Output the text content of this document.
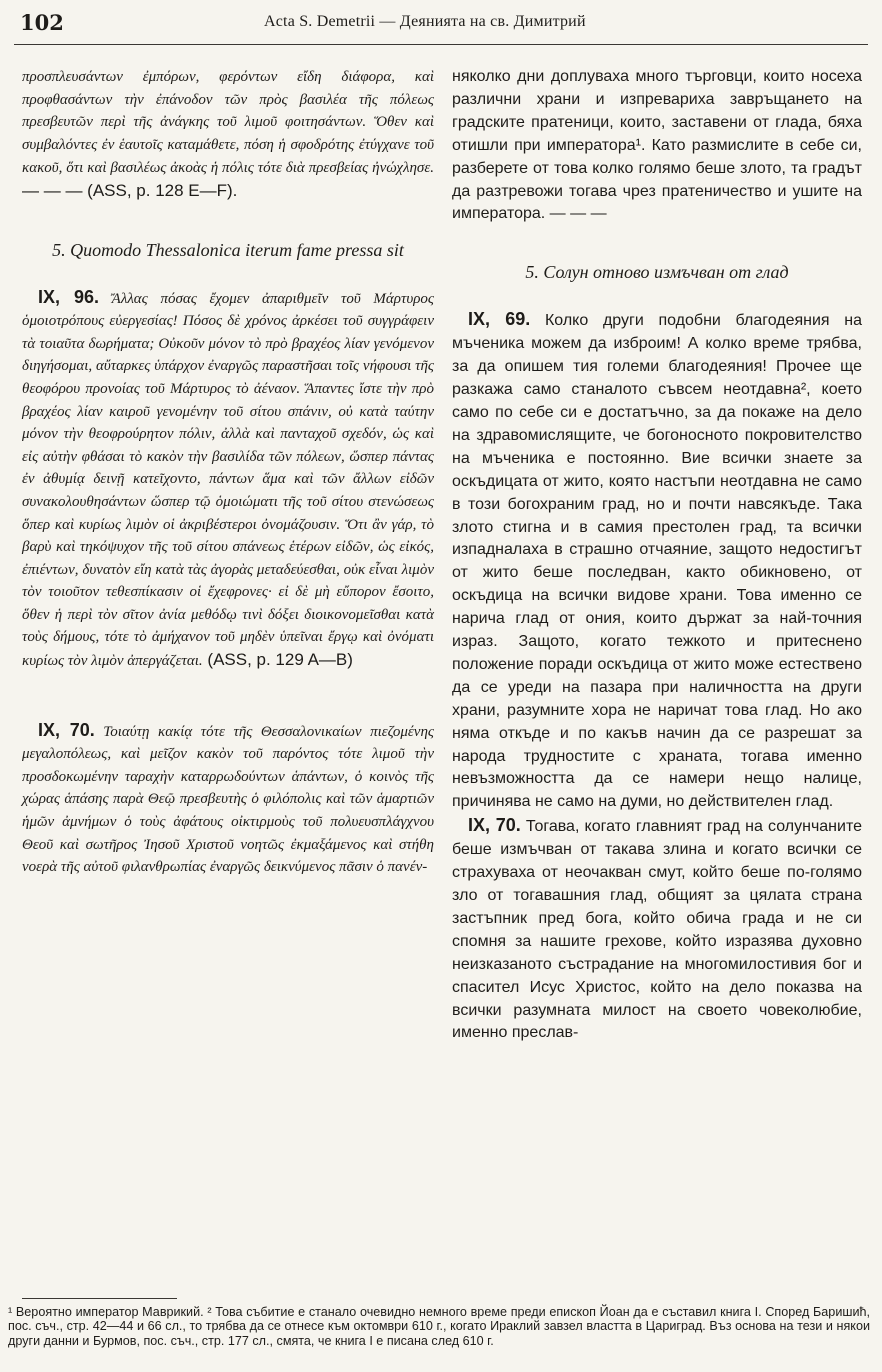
102	Acta S. Demetrii — Деянията на св. Димитрий

προσπλευσάντων ἐμπόρων, φερόντων εἴδη διάφορα, καὶ προφθασάντων τὴν ἐπάνοδον τῶν πρὸς βασιλέα τῆς πόλεως πρεσβευτῶν περὶ τῆς ἀνάγκης τοῦ λιμοῦ φοιτησάντων. Ὅθεν καὶ συμβαλόντες ἐν ἑαυτοῖς καταμάθετε, πόση ἡ σφοδρότης ἐτύγχανε τοῦ κακοῦ, ὅτι καὶ βασιλέως ἀκοὰς ἡ πόλις τότε διὰ πρεσβείας ἠνώχλησε. — — — (ASS, p. 128 E—F).

5. Quomodo Thessalonica iterum fame pressa sit

IX, 96. Ἄλλας πόσας ἔχομεν ἀπαριθμεῖν τοῦ Μάρτυρος ὁμοιοτρόπους εὐεργεσίας! Πόσος δὲ χρόνος ἀρκέσει τοῦ συγγράφειν τὰ τοιαῦτα δωρήματα; Οὐκοῦν μόνον τὸ πρὸ βραχέος λίαν γενόμενον διηγήσομαι, αὔταρκες ὑπάρχον ἐναργῶς παραστῆσαι τοῖς νήφουσι τῆς θεοφόρου προνοίας τοῦ Μάρτυρος τὸ ἀέναον. Ἅπαντες ἴστε τὴν πρὸ βραχέος λίαν καιροῦ γενομένην τοῦ σίτου σπάνιν, οὐ κατὰ ταύτην μόνον τὴν θεοφρούρητον πόλιν, ἀλλὰ καὶ πανταχοῦ σχεδόν, ὡς καὶ εἰς αὐτὴν φθάσαι τὸ κακὸν τὴν βασιλίδα τῶν πόλεων, ὥσπερ πάντας ἐν ἀθυμίᾳ δεινῇ κατεῖχοντο, πάντων ἅμα καὶ τῶν ἄλλων εἰδῶν συνακολουθησάντων ὥσπερ τῷ ὁμοιώματι τῆς τοῦ σίτου στενώσεως ὅπερ καὶ κυρίως λιμὸν οἱ ἀκριβέστεροι ὀνομάζουσιν. Ὅτι ἂν γάρ, τὸ βαρὺ καὶ τηκόψυχον τῆς τοῦ σίτου σπάνεως ἑτέρων εἰδῶν, ὡς εἰκός, ἐπιέντων, δυνατὸν εἴη κατὰ τὰς ἀγορὰς μεταδεύεσθαι, οὐκ εἶναι λιμὸν τὸν τοιοῦτον τεθεσπίκασιν οἱ ἔχεφρονες· εἰ δὲ μὴ εὔπορον ἔσοιτο, ὅθεν ἡ περὶ τὸν σῖτον ἀνία μεθόδῳ τινὶ δόξει διοικονομεῖσθαι κατὰ τοὺς δήμους, τότε τὸ ἀμήχανον τοῦ μηδὲν ὑπεῖναι ἔργῳ καὶ ὀνόματι κυρίως τὸν λιμὸν ἀπεργάζεται. (ASS, p. 129 A—B)

IX, 70. Τοιαύτῃ κακίᾳ τότε τῆς Θεσσαλονικαίων πιεζομένης μεγαλοπόλεως, καὶ μεῖζον κακὸν τοῦ παρόντος τότε λιμοῦ τὴν προσδοκωμένην ταραχὴν καταρρωδούντων ἁπάντων, ὁ κοινὸς τῆς χώρας ἁπάσης παρὰ Θεῷ πρεσβευτὴς ὁ φιλόπολις καὶ τῶν ἁμαρτιῶν ἡμῶν ἀμνήμων ὁ τοὺς ἀφάτους οἰκτιρμοὺς τοῦ πολυευσπλάγχνου Θεοῦ καὶ σωτῆρος Ἰησοῦ Χριστοῦ νοητῶς ἐκμαξάμενος καὶ στήθη νοερὰ τῆς αὐτοῦ φιλανθρωπίας ἐναργῶς δεικνύμενος πᾶσιν ὁ πανέν-

няколко дни доплуваха много търговци, които носеха различни храни и изпревариха завръщането на градските пратеници, които, заставени от глада, бяха отишли при императора¹. Като размислите в себе си, разберете от това колко голямо беше злото, та градът да разтревожи тогава чрез пратеничество и ушите на императора. — — —

5. Солун отново измъчван от глад

IX, 69. Колко други подобни благодеяния на мъченика можем да изброим! А колко време трябва, за да опишем тия големи благодеяния! Прочее ще разкажа само станалото съвсем неотдавна², което само по себе си е достатъчно, за да покаже на дело на здравомислящите, че богоносното покровителство на мъченика е постоянно. Вие всички знаете за оскъдицата от жито, която настъпи неотдавна не само в този богохраним град, но и почти навсякъде. Така злото стигна и в самия престолен град, та всички изпадналаха в страшно отчаяние, защото недостигът от жито беше последван, както обикновено, от оскъдица на всички видове храни. Това именно се нарича глад от ония, които държат за най-точния израз. Защото, когато тежкото и притеснено положение поради оскъдица от жито може естествено да се уреди на пазара при наличността на други храни, разумните хора не наричат това глад. Но ако няма откъде и по какъв начин да се разрешат за народа трудностите с храната, тогава именно невъзможността да се намери нещо налице, причинява не само на думи, но действителен глад.

IX, 70. Тогава, когато главният град на солунчаните беше измъчван от такава злина и когато всички се страхуваха от неочакван смут, който беше по-голямо зло от тогавашния глад, общият за цялата страна застъпник пред бога, който обича града и не си спомня за нашите грехове, който изразява духовно неизказаното състрадание на многомилостивия бог и спасител Исус Христос, който на дело показва на всички разумната милост на своето човеколюбие, именно преслав-

¹ Вероятно император Маврикий. ² Това събитие е станало очевидно немного време преди епископ Йоан да е съставил книга I. Според Баришић, пос. съч., стр. 42—44 и 66 сл., то трябва да се отнесе към октомври 610 г., когато Ираклий завзел властта в Цариград. Въз основа на тези и някои други данни и Бурмов, пос. съч., стр. 177 сл., смята, че книга I е писана след 610 г.
